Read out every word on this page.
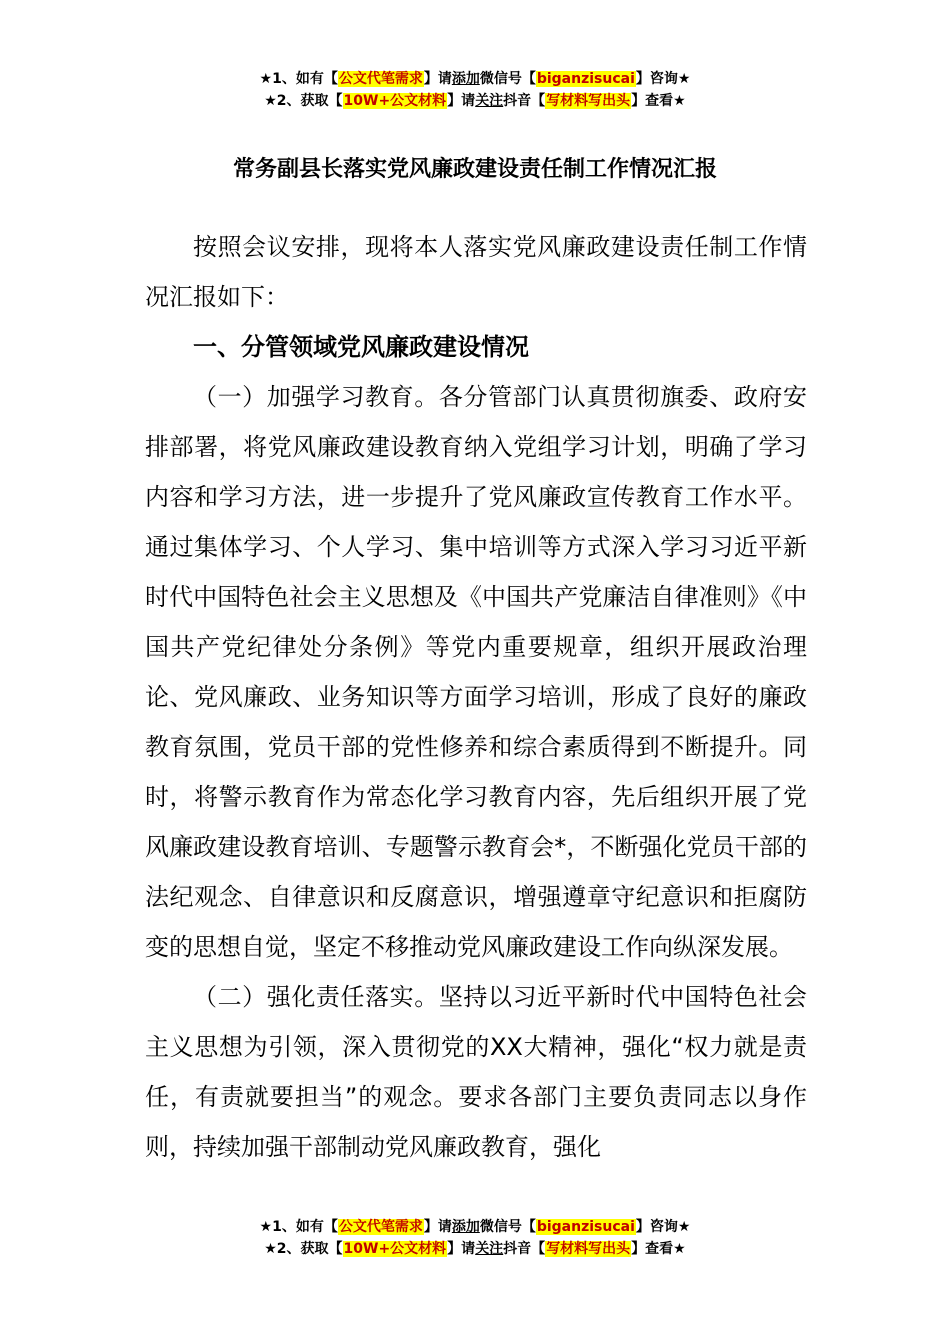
★1、如有【公文代笔需求】请添加微信号【biganzisucai】咨询★
★2、获取【10W+公文材料】请关注抖音【写材料写出头】查看★
常务副县长落实党风廉政建设责任制工作情况汇报

按照会议安排，现将本人落实党风廉政建设责任制工作情况汇报如下：

一、分管领域党风廉政建设情况

（一）加强学习教育。各分管部门认真贯彻旗委、政府安排部署，将党风廉政建设教育纳入党组学习计划，明确了学习内容和学习方法，进一步提升了党风廉政宣传教育工作水平。通过集体学习、个人学习、集中培训等方式深入学习习近平新时代中国特色社会主义思想及《中国共产党廉洁自律准则》《中国共产党纪律处分条例》等党内重要规章，组织开展政治理论、党风廉政、业务知识等方面学习培训，形成了良好的廉政教育氛围，党员干部的党性修养和综合素质得到不断提升。同时，将警示教育作为常态化学习教育内容，先后组织开展了党风廉政建设教育培训、专题警示教育会*，不断强化党员干部的法纪观念、自律意识和反腐意识，增强遵章守纪意识和拒腐防变的思想自觉，坚定不移推动党风廉政建设工作向纵深发展。

（二）强化责任落实。坚持以习近平新时代中国特色社会主义思想为引领，深入贯彻党的XX大精神，强化“权力就是责任，有责就要担当”的观念。要求各部门主要负责同志以身作则，持续加强干部制动党风廉政教育，强化

★1、如有【公文代笔需求】请添加微信号【biganzisucai】咨询★
★2、获取【10W+公文材料】请关注抖音【写材料写出头】查看★
